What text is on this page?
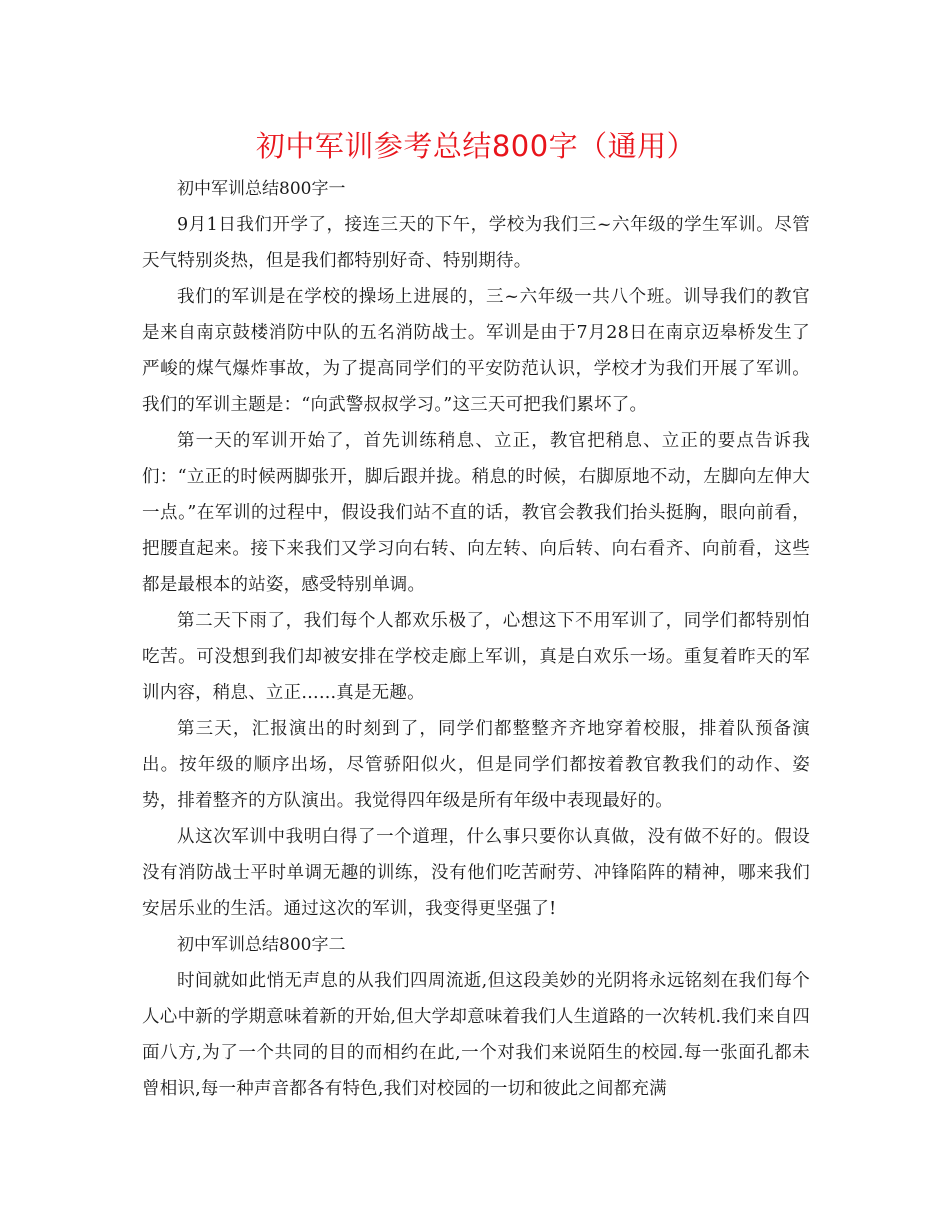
初中军训参考总结800字（通用）

初中军训总结800字一

9月1日我们开学了，接连三天的下午，学校为我们三~六年级的学生军训。尽管天气特别炎热，但是我们都特别好奇、特别期待。

我们的军训是在学校的操场上进展的，三~六年级一共八个班。训导我们的教官是来自南京鼓楼消防中队的五名消防战士。军训是由于7月28日在南京迈皋桥发生了严峻的煤气爆炸事故，为了提高同学们的平安防范认识，学校才为我们开展了军训。我们的军训主题是：“向武警叔叔学习。”这三天可把我们累坏了。

第一天的军训开始了，首先训练稍息、立正，教官把稍息、立正的要点告诉我们：“立正的时候两脚张开，脚后跟并拢。稍息的时候，右脚原地不动，左脚向左伸大一点。”在军训的过程中，假设我们站不直的话，教官会教我们抬头挺胸，眼向前看，把腰直起来。接下来我们又学习向右转、向左转、向后转、向右看齐、向前看，这些都是最根本的站姿，感受特别单调。

第二天下雨了，我们每个人都欢乐极了，心想这下不用军训了，同学们都特别怕吃苦。可没想到我们却被安排在学校走廊上军训，真是白欢乐一场。重复着昨天的军训内容，稍息、立正…...真是无趣。

第三天，汇报演出的时刻到了，同学们都整整齐齐地穿着校服，排着队预备演出。按年级的顺序出场，尽管骄阳似火，但是同学们都按着教官教我们的动作、姿势，排着整齐的方队演出。我觉得四年级是所有年级中表现最好的。

从这次军训中我明白得了一个道理，什么事只要你认真做，没有做不好的。假设没有消防战士平时单调无趣的训练，没有他们吃苦耐劳、冲锋陷阵的精神，哪来我们安居乐业的生活。通过这次的军训，我变得更坚强了!

初中军训总结800字二

时间就如此悄无声息的从我们四周流逝,但这段美妙的光阴将永远铭刻在我们每个人心中新的学期意味着新的开始,但大学却意味着我们人生道路的一次转机.我们来自四面八方,为了一个共同的目的而相约在此,一个对我们来说陌生的校园.每一张面孔都未曾相识,每一种声音都各有特色,我们对校园的一切和彼此之间都充满
